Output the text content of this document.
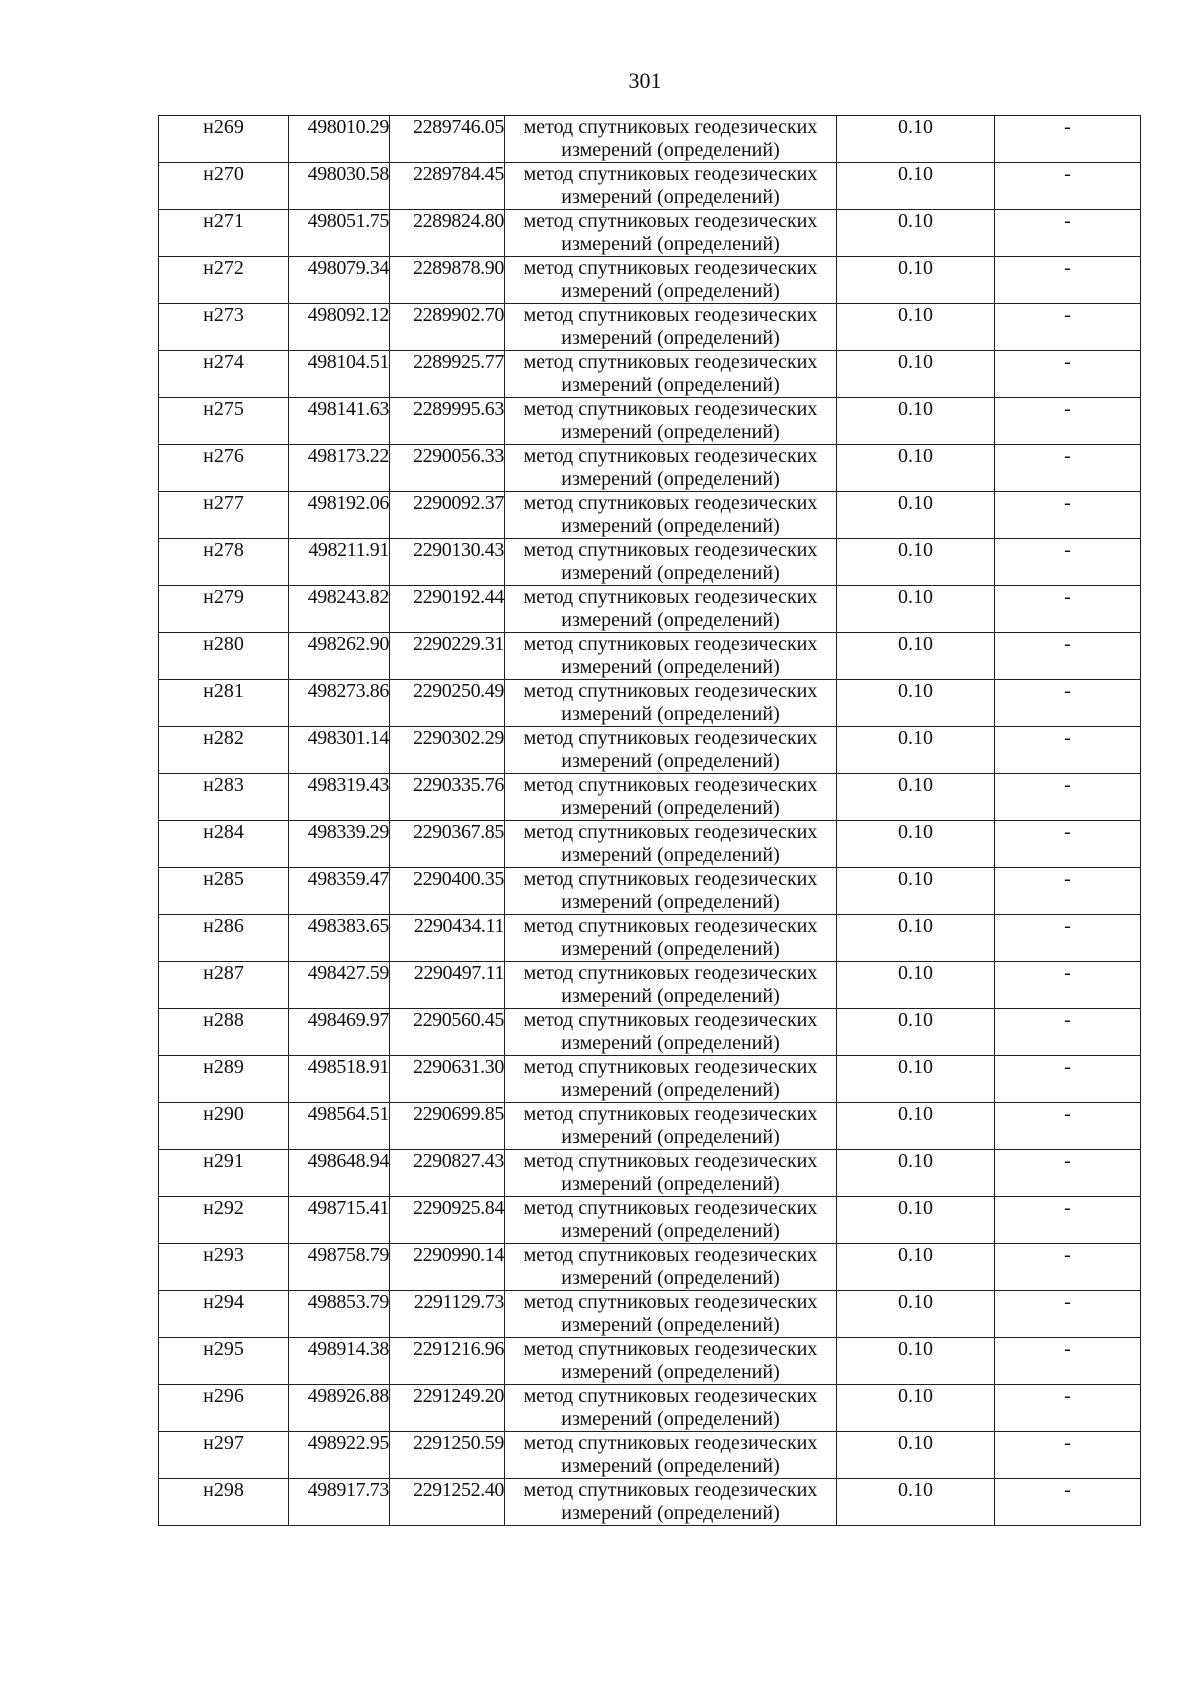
301
н269	498010.29	2289746.05	метод спутниковых геодезических
измерений (определений)	0.10	-
н270	498030.58	2289784.45	метод спутниковых геодезических
измерений (определений)	0.10	-
н271	498051.75	2289824.80	метод спутниковых геодезических
измерений (определений)	0.10	-
н272	498079.34	2289878.90	метод спутниковых геодезических
измерений (определений)	0.10	-
н273	498092.12	2289902.70	метод спутниковых геодезических
измерений (определений)	0.10	-
н274	498104.51	2289925.77	метод спутниковых геодезических
измерений (определений)	0.10	-
н275	498141.63	2289995.63	метод спутниковых геодезических
измерений (определений)	0.10	-
н276	498173.22	2290056.33	метод спутниковых геодезических
измерений (определений)	0.10	-
н277	498192.06	2290092.37	метод спутниковых геодезических
измерений (определений)	0.10	-
н278	498211.91	2290130.43	метод спутниковых геодезических
измерений (определений)	0.10	-
н279	498243.82	2290192.44	метод спутниковых геодезических
измерений (определений)	0.10	-
н280	498262.90	2290229.31	метод спутниковых геодезических
измерений (определений)	0.10	-
н281	498273.86	2290250.49	метод спутниковых геодезических
измерений (определений)	0.10	-
н282	498301.14	2290302.29	метод спутниковых геодезических
измерений (определений)	0.10	-
н283	498319.43	2290335.76	метод спутниковых геодезических
измерений (определений)	0.10	-
н284	498339.29	2290367.85	метод спутниковых геодезических
измерений (определений)	0.10	-
н285	498359.47	2290400.35	метод спутниковых геодезических
измерений (определений)	0.10	-
н286	498383.65	2290434.11	метод спутниковых геодезических
измерений (определений)	0.10	-
н287	498427.59	2290497.11	метод спутниковых геодезических
измерений (определений)	0.10	-
н288	498469.97	2290560.45	метод спутниковых геодезических
измерений (определений)	0.10	-
н289	498518.91	2290631.30	метод спутниковых геодезических
измерений (определений)	0.10	-
н290	498564.51	2290699.85	метод спутниковых геодезических
измерений (определений)	0.10	-
н291	498648.94	2290827.43	метод спутниковых геодезических
измерений (определений)	0.10	-
н292	498715.41	2290925.84	метод спутниковых геодезических
измерений (определений)	0.10	-
н293	498758.79	2290990.14	метод спутниковых геодезических
измерений (определений)	0.10	-
н294	498853.79	2291129.73	метод спутниковых геодезических
измерений (определений)	0.10	-
н295	498914.38	2291216.96	метод спутниковых геодезических
измерений (определений)	0.10	-
н296	498926.88	2291249.20	метод спутниковых геодезических
измерений (определений)	0.10	-
н297	498922.95	2291250.59	метод спутниковых геодезических
измерений (определений)	0.10	-
н298	498917.73	2291252.40	метод спутниковых геодезических
измерений (определений)	0.10	-
